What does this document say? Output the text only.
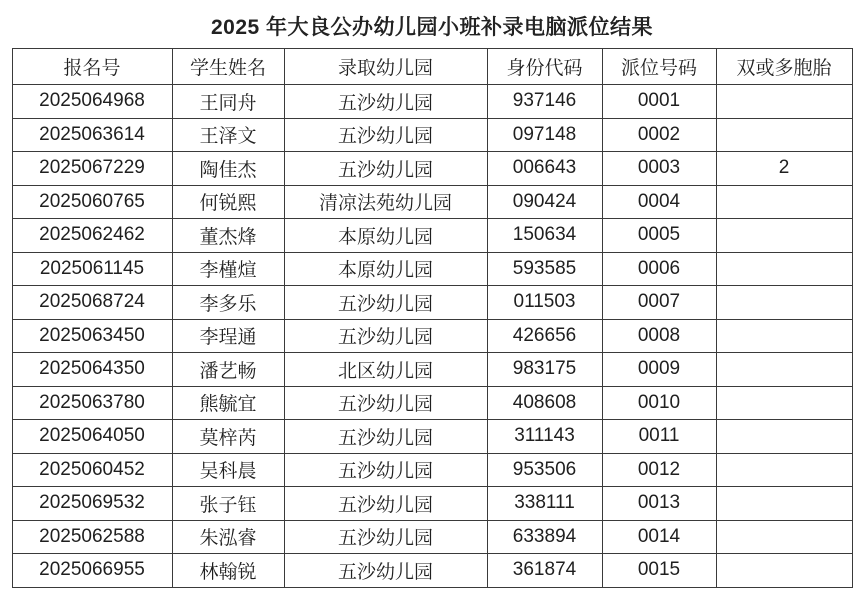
2025 年大良公办幼儿园小班补录电脑派位结果
报名号	学生姓名	录取幼儿园	身份代码	派位号码	双或多胞胎
2025064968	王同舟	五沙幼儿园	937146	0001	
2025063614	王泽文	五沙幼儿园	097148	0002	
2025067229	陶佳杰	五沙幼儿园	006643	0003	2
2025060765	何锐熙	清凉法苑幼儿园	090424	0004	
2025062462	董杰烽	本原幼儿园	150634	0005	
2025061145	李槿煊	本原幼儿园	593585	0006	
2025068724	李多乐	五沙幼儿园	011503	0007	
2025063450	李珵通	五沙幼儿园	426656	0008	
2025064350	潘艺畅	北区幼儿园	983175	0009	
2025063780	熊毓宜	五沙幼儿园	408608	0010	
2025064050	莫梓芮	五沙幼儿园	311143	0011	
2025060452	吴科晨	五沙幼儿园	953506	0012	
2025069532	张子钰	五沙幼儿园	338111	0013	
2025062588	朱泓睿	五沙幼儿园	633894	0014	
2025066955	林翰锐	五沙幼儿园	361874	0015	
